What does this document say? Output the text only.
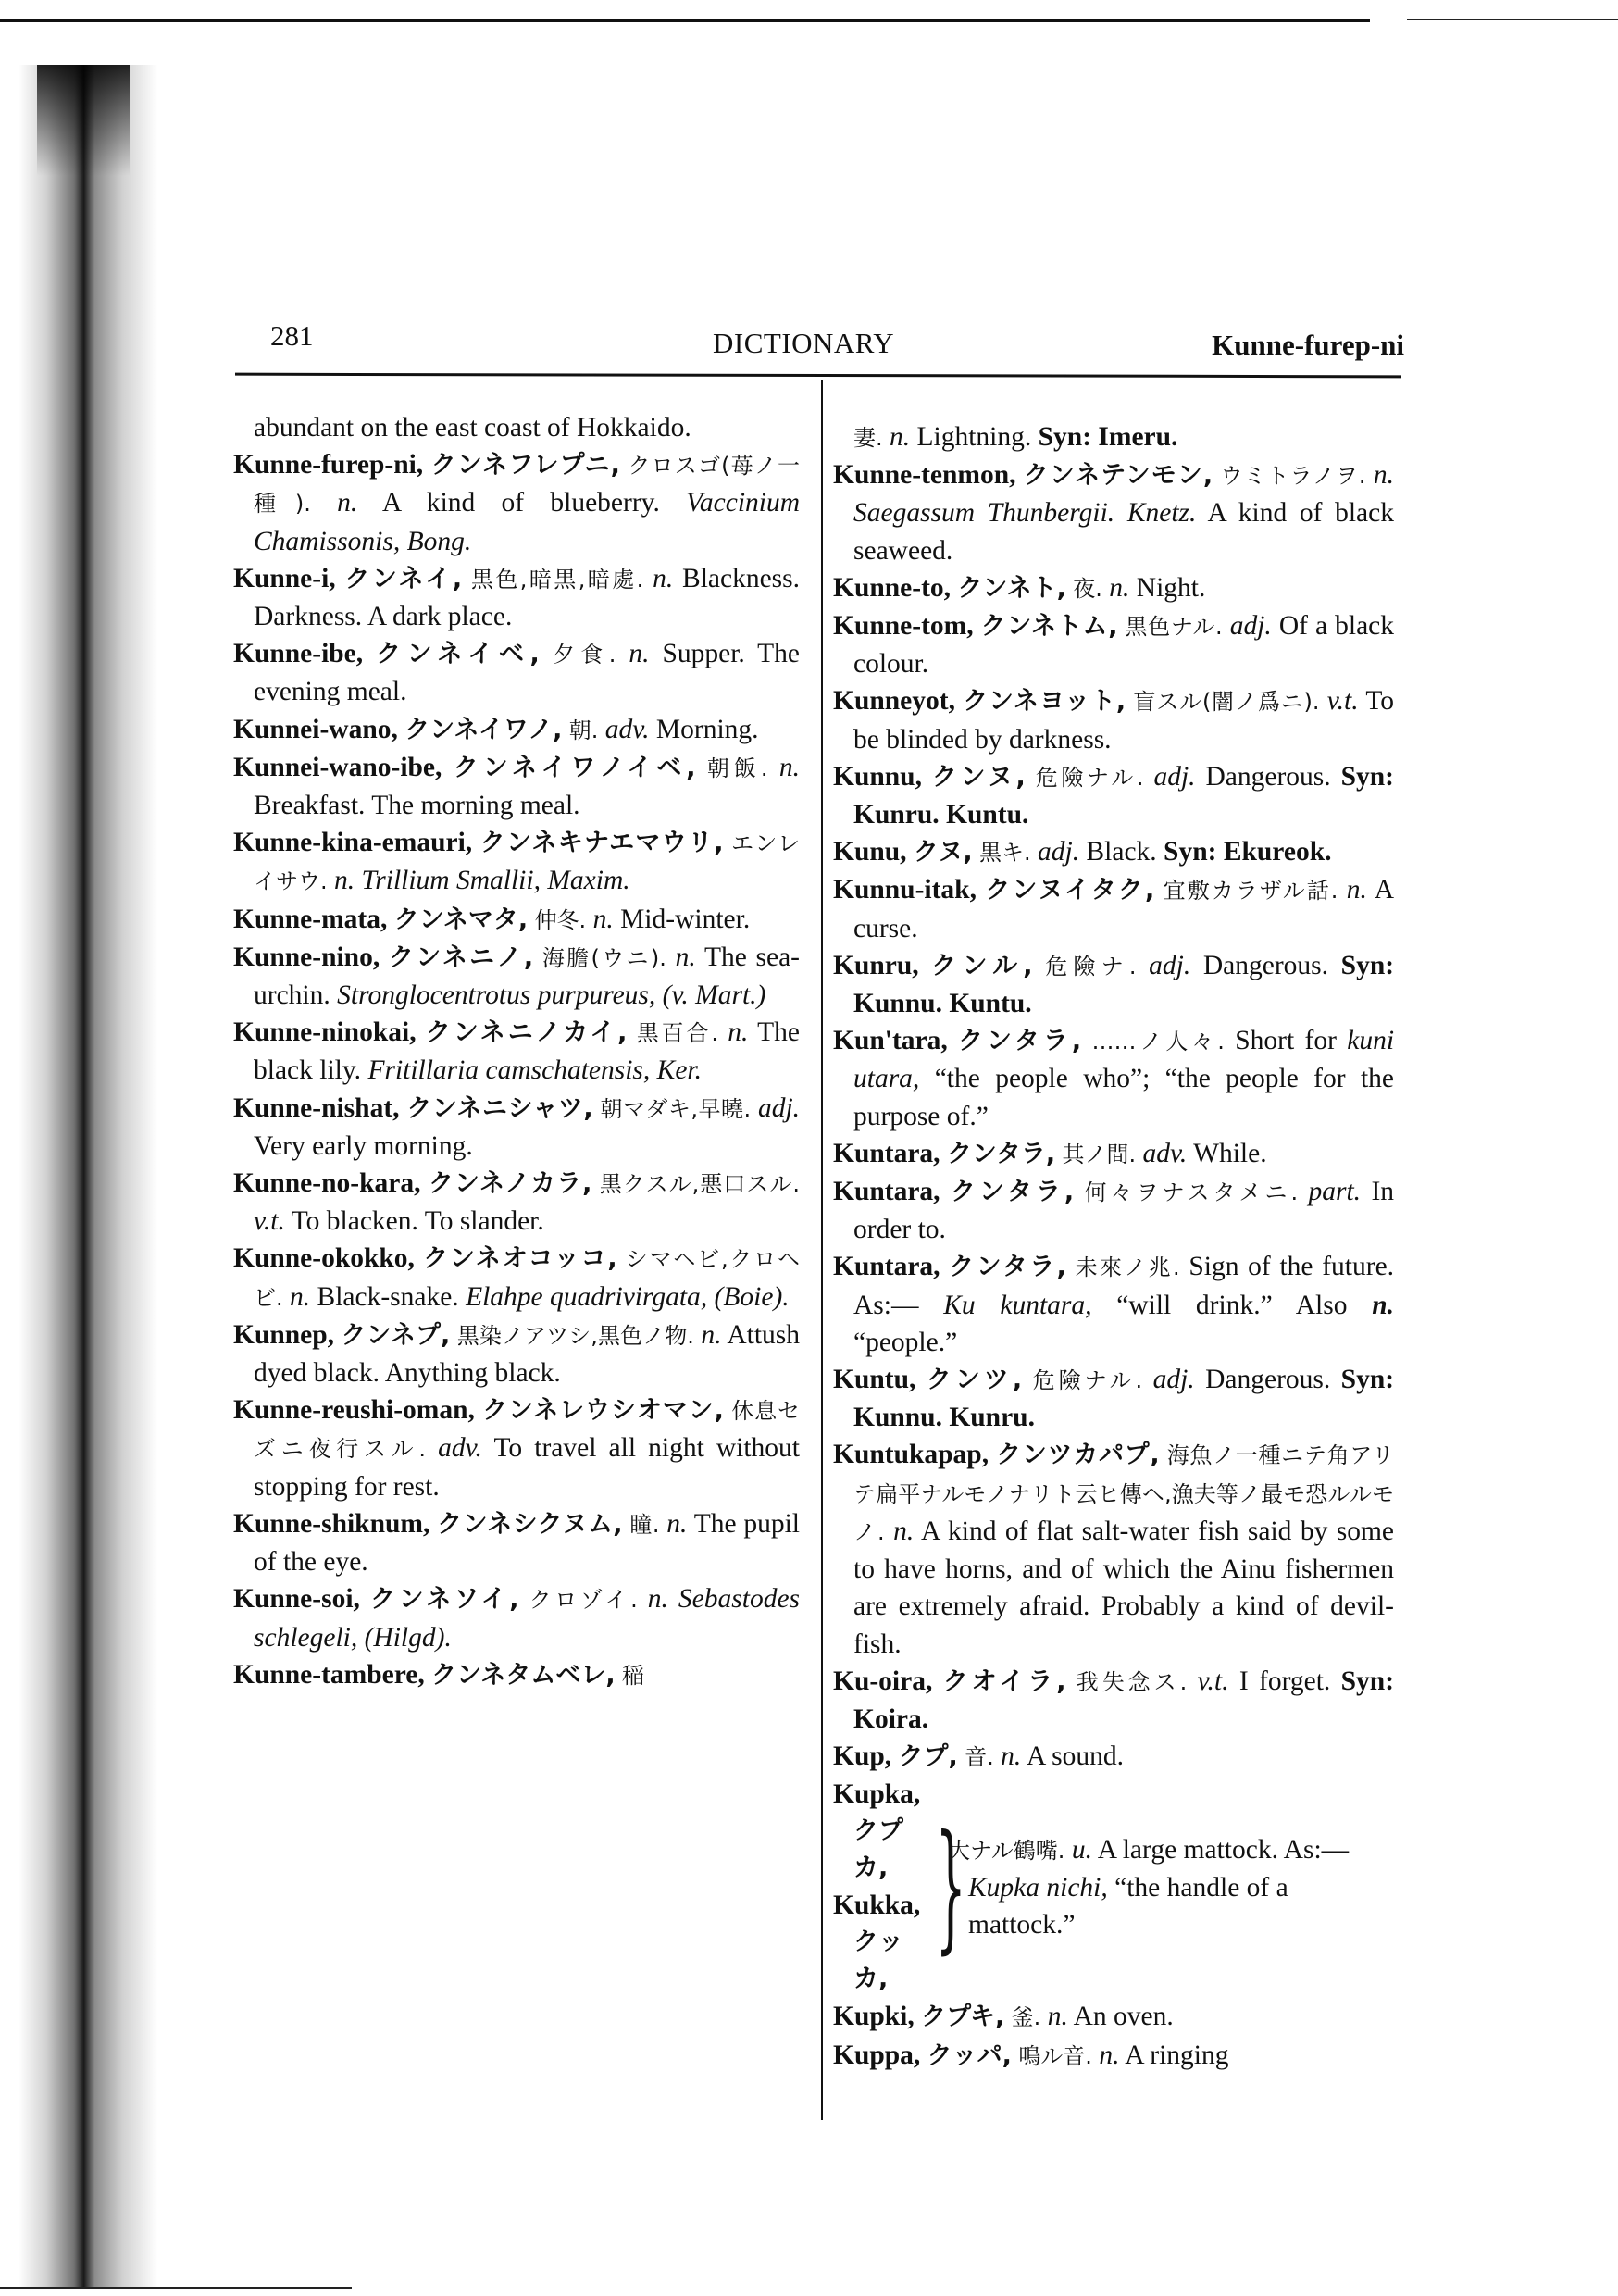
281	DICTIONARY	Kunne-furep-ni

abundant on the east coast of Hokkaido.

Kunne-furep-ni, クンネフレプニ, クロスゴ(苺ノ一種). n. A kind of blueberry. Vaccinium Chamissonis, Bong.

Kunne-i, クンネイ, 黒色,暗黒,暗處. n. Blackness. Darkness. A dark place.

Kunne-ibe, クンネイベ, 夕食. n. Supper. The evening meal.

Kunnei-wano, クンネイワノ, 朝. adv. Morning.

Kunnei-wano-ibe, クンネイワノイベ, 朝飯. n. Breakfast. The morning meal.

Kunne-kina-emauri, クンネキナエマウリ, エンレイサウ. n. Trillium Smallii, Maxim.

Kunne-mata, クンネマタ, 仲冬. n. Mid-winter.

Kunne-nino, クンネニノ, 海膽(ウニ). n. The sea-urchin. Stronglocentrotus purpureus, (v. Mart.)

Kunne-ninokai, クンネニノカイ, 黒百合. n. The black lily. Fritillaria camschatensis, Ker.

Kunne-nishat, クンネニシャツ, 朝マダキ,早曉. adj. Very early morning.

Kunne-no-kara, クンネノカラ, 黒クスル,悪口スル. v.t. To blacken. To slander.

Kunne-okokko, クンネオコッコ, シマヘビ,クロヘビ. n. Black-snake. Elahpe quadrivirgata, (Boie).

Kunnep, クンネプ, 黒染ノアツシ,黒色ノ物. n. Attush dyed black. Anything black.

Kunne-reushi-oman, クンネレウシオマン, 休息セズニ夜行スル. adv. To travel all night without stopping for rest.

Kunne-shiknum, クンネシクヌム, 瞳. n. The pupil of the eye.

Kunne-soi, クンネソイ, クロゾイ. n. Sebastodes schlegeli, (Hilgd).

Kunne-tambere, クンネタムベレ, 稲

妻. n. Lightning. Syn: Imeru.

Kunne-tenmon, クンネテンモン, ウミトラノヲ. n. Saegassum Thunbergii. Knetz. A kind of black seaweed.

Kunne-to, クンネト, 夜. n. Night.

Kunne-tom, クンネトム, 黒色ナル. adj. Of a black colour.

Kunneyot, クンネヨット, 盲スル(闇ノ爲ニ). v.t. To be blinded by darkness.

Kunnu, クンヌ, 危險ナル. adj. Dangerous. Syn: Kunru. Kuntu.

Kunu, クヌ, 黒キ. adj. Black. Syn: Ekureok.

Kunnu-itak, クンヌイタク, 宜敷カラザル話. n. A curse.

Kunru, クンル, 危險ナ. adj. Dangerous. Syn: Kunnu. Kuntu.

Kun'tara, クンタラ, ……ノ人々. Short for kuni utara, “the people who”; “the people for the purpose of.”

Kuntara, クンタラ, 其ノ間. adv. While.

Kuntara, クンタラ, 何々ヲナスタメニ. part. In order to.

Kuntara, クンタラ, 未來ノ兆. Sign of the future. As:— Ku kuntara, “will drink.” Also n. “people.”

Kuntu, クンツ, 危險ナル. adj. Dangerous. Syn: Kunnu. Kunru.

Kuntukapap, クンツカパプ, 海魚ノ一種ニテ角アリテ扁平ナルモノナリト云ヒ傳ヘ,漁夫等ノ最モ恐ルルモノ. n. A kind of flat salt-water fish said by some to have horns, and of which the Ainu fishermen are extremely afraid. Probably a kind of devil-fish.

Ku-oira, クオイラ, 我失念ス. v.t. I forget. Syn: Koira.

Kup, クプ, 音. n. A sound.

Kupka,
クプカ,
Kukka,
クッカ,
}

大ナル鶴嘴. u. A large mattock. As:— Kupka nichi, “the handle of a mattock.”

Kupki, クプキ, 釜. n. An oven.

Kuppa, クッパ, 鳴ル音. n. A ringing
